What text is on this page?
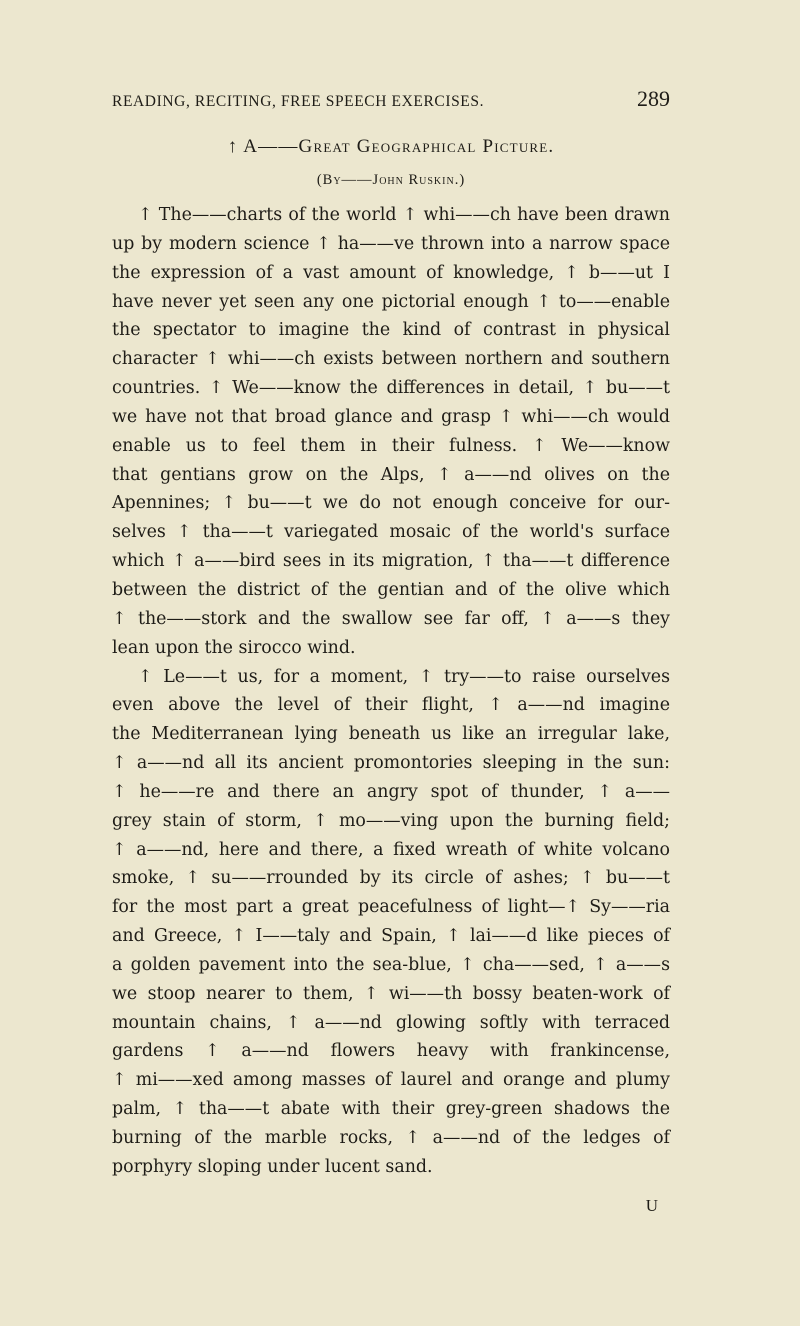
READING, RECITING, FREE SPEECH EXERCISES.	289
↑ A——Great Geographical Picture.
(By——John Ruskin.)
↑ The——charts of the world ↑ whi——ch have been drawn
up by modern science ↑ ha——ve thrown into a narrow space
the expression of a vast amount of knowledge, ↑ b——ut I
have never yet seen any one pictorial enough ↑ to——enable
the spectator to imagine the kind of contrast in physical
character ↑ whi——ch exists between northern and southern
countries. ↑ We——know the differences in detail, ↑ bu——t
we have not that broad glance and grasp ↑ whi——ch would
enable us to feel them in their fulness. ↑ We——know
that gentians grow on the Alps, ↑ a——nd olives on the
Apennines; ↑ bu——t we do not enough conceive for our-
selves ↑ tha——t variegated mosaic of the world's surface
which ↑ a——bird sees in its migration, ↑ tha——t difference
between the district of the gentian and of the olive which
↑ the——stork and the swallow see far off, ↑ a——s they
lean upon the sirocco wind.
↑ Le——t us, for a moment, ↑ try——to raise ourselves
even above the level of their flight, ↑ a——nd imagine
the Mediterranean lying beneath us like an irregular lake,
↑ a——nd all its ancient promontories sleeping in the sun:
↑ he——re and there an angry spot of thunder, ↑ a——
grey stain of storm, ↑ mo——ving upon the burning field;
↑ a——nd, here and there, a fixed wreath of white volcano
smoke, ↑ su——rrounded by its circle of ashes; ↑ bu——t
for the most part a great peacefulness of light—↑ Sy——ria
and Greece, ↑ I——taly and Spain, ↑ lai——d like pieces of
a golden pavement into the sea-blue, ↑ cha——sed, ↑ a——s
we stoop nearer to them, ↑ wi——th bossy beaten-work of
mountain chains, ↑ a——nd glowing softly with terraced
gardens ↑ a——nd flowers heavy with frankincense,
↑ mi——xed among masses of laurel and orange and plumy
palm, ↑ tha——t abate with their grey-green shadows the
burning of the marble rocks, ↑ a——nd of the ledges of
porphyry sloping under lucent sand.
U
